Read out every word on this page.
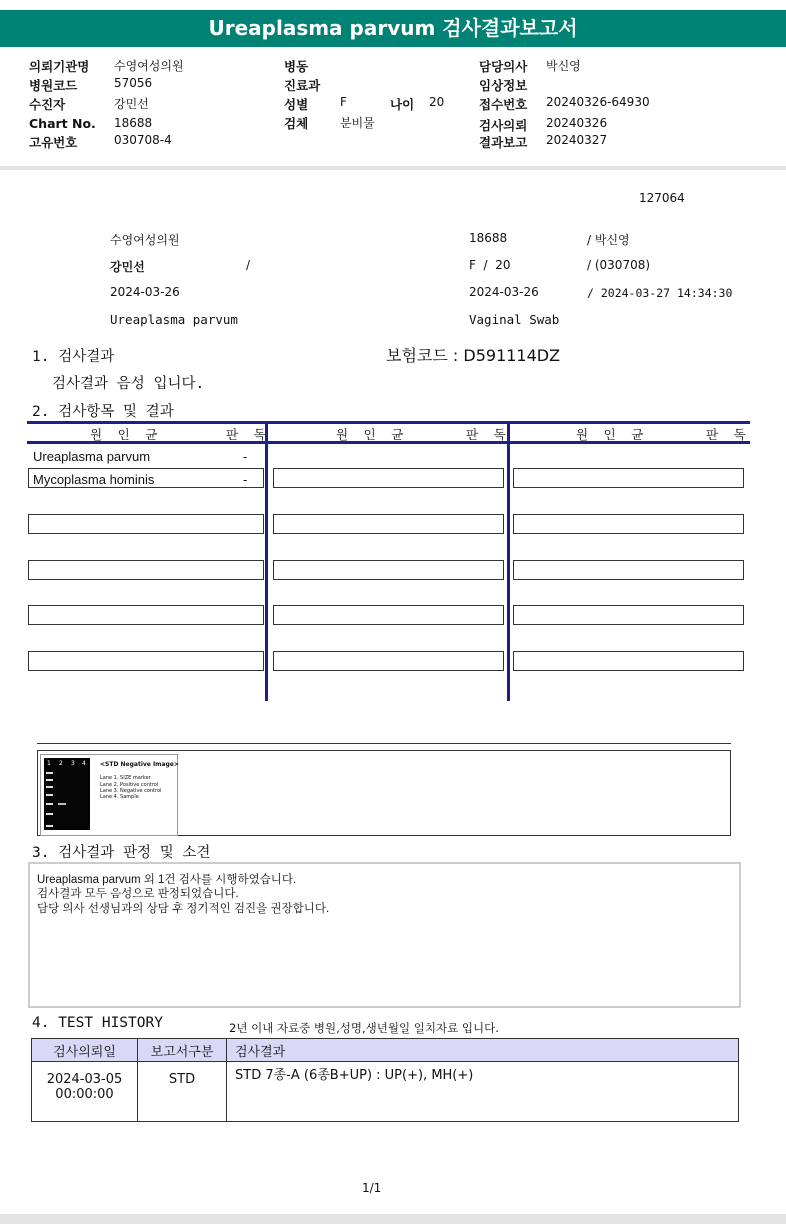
Ureaplasma parvum 검사결과보고서
의뢰기관명 수영여성의원
병원코드	57056
수진자	강민선
Chart No. 18688
고유번호	030708-4
병동
진료과
성별	F	나이 20
검체	분비물
담당의사 박신영
임상정보
접수번호 20240326-64930
검사의뢰 20240326
결과보고 20240327
127064
수영여성의원	18688	/ 박신영
강민선	/	F  /  20	/ (030708)
2024-03-26	2024-03-26	/ 2024-03-27 14:34:30
Ureaplasma parvum	Vaginal Swab
1. 검사결과	보험코드 : D591114DZ
검사결과 음성 입니다.
2. 검사항목 및 결과
원 인 균	판 독	원 인 균	판 독	원 인 균	판 독
Ureaplasma parvum	-
Mycoplasma hominis	-
1 2 3 4 <STD Negative Image>
Lane 1. SIZE marker
Lane 2. Positive control
Lane 3. Negative control
Lane 4. Sample
3. 검사결과 판정 및 소견
Ureaplasma parvum 외 1건 검사를 시행하였습니다.
검사결과 모두 음성으로 판정되었습니다.
담당 의사 선생님과의 상담 후 정기적인 검진을 권장합니다.
4. TEST HISTORY	2년 이내 자료중 병원,성명,생년월일 일치자료 입니다.
검사의뢰일	보고서구분	검사결과

2024-03-05
00:00:00	STD	STD 7종-A (6종B+UP) : UP(+), MH(+)
1/1
